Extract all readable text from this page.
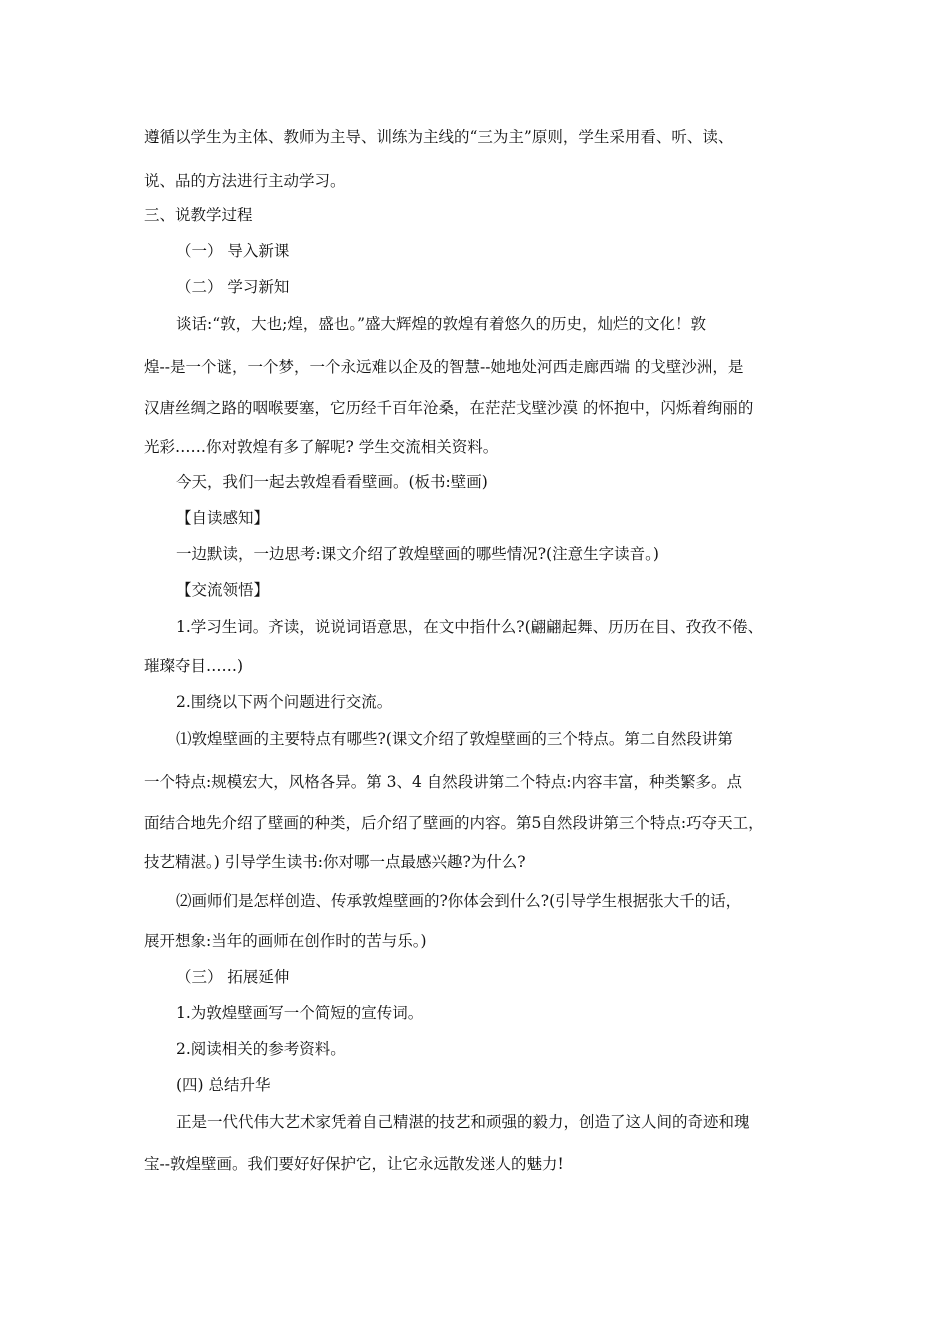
遵循以学生为主体、教师为主导、训练为主线的“三为主”原则，学生采用看、听、读、
说、品的方法进行主动学习。
三、说教学过程
（一） 导入新课
（二） 学习新知
谈话:“敦，大也;煌，盛也。”盛大辉煌的敦煌有着悠久的历史，灿烂的文化！敦
煌--是一个谜，一个梦，一个永远难以企及的智慧--她地处河西走廊西端 的戈壁沙洲，是
汉唐丝绸之路的咽喉要塞，它历经千百年沧桑，在茫茫戈壁沙漠 的怀抱中，闪烁着绚丽的
光彩……你对敦煌有多了解呢? 学生交流相关资料。
今天，我们一起去敦煌看看壁画。(板书:壁画)
【自读感知】
一边默读，一边思考:课文介绍了敦煌壁画的哪些情况?(注意生字读音。)
【交流领悟】
1.学习生词。齐读，说说词语意思，在文中指什么?(翩翩起舞、历历在目、孜孜不倦、
璀璨夺目……)
2.围绕以下两个问题进行交流。
⑴敦煌壁画的主要特点有哪些?(课文介绍了敦煌壁画的三个特点。第二自然段讲第
一个特点:规模宏大，风格各异。第 3、4 自然段讲第二个特点:内容丰富，种类繁多。点
面结合地先介绍了壁画的种类，后介绍了壁画的内容。第5自然段讲第三个特点:巧夺天工，
技艺精湛。) 引导学生读书:你对哪一点最感兴趣?为什么?
⑵画师们是怎样创造、传承敦煌壁画的?你体会到什么?(引导学生根据张大千的话，
展开想象:当年的画师在创作时的苦与乐。)
（三） 拓展延伸
1.为敦煌壁画写一个简短的宣传词。
2.阅读相关的参考资料。
(四) 总结升华
正是一代代伟大艺术家凭着自己精湛的技艺和顽强的毅力，创造了这人间的奇迹和瑰
宝--敦煌壁画。我们要好好保护它，让它永远散发迷人的魅力!
